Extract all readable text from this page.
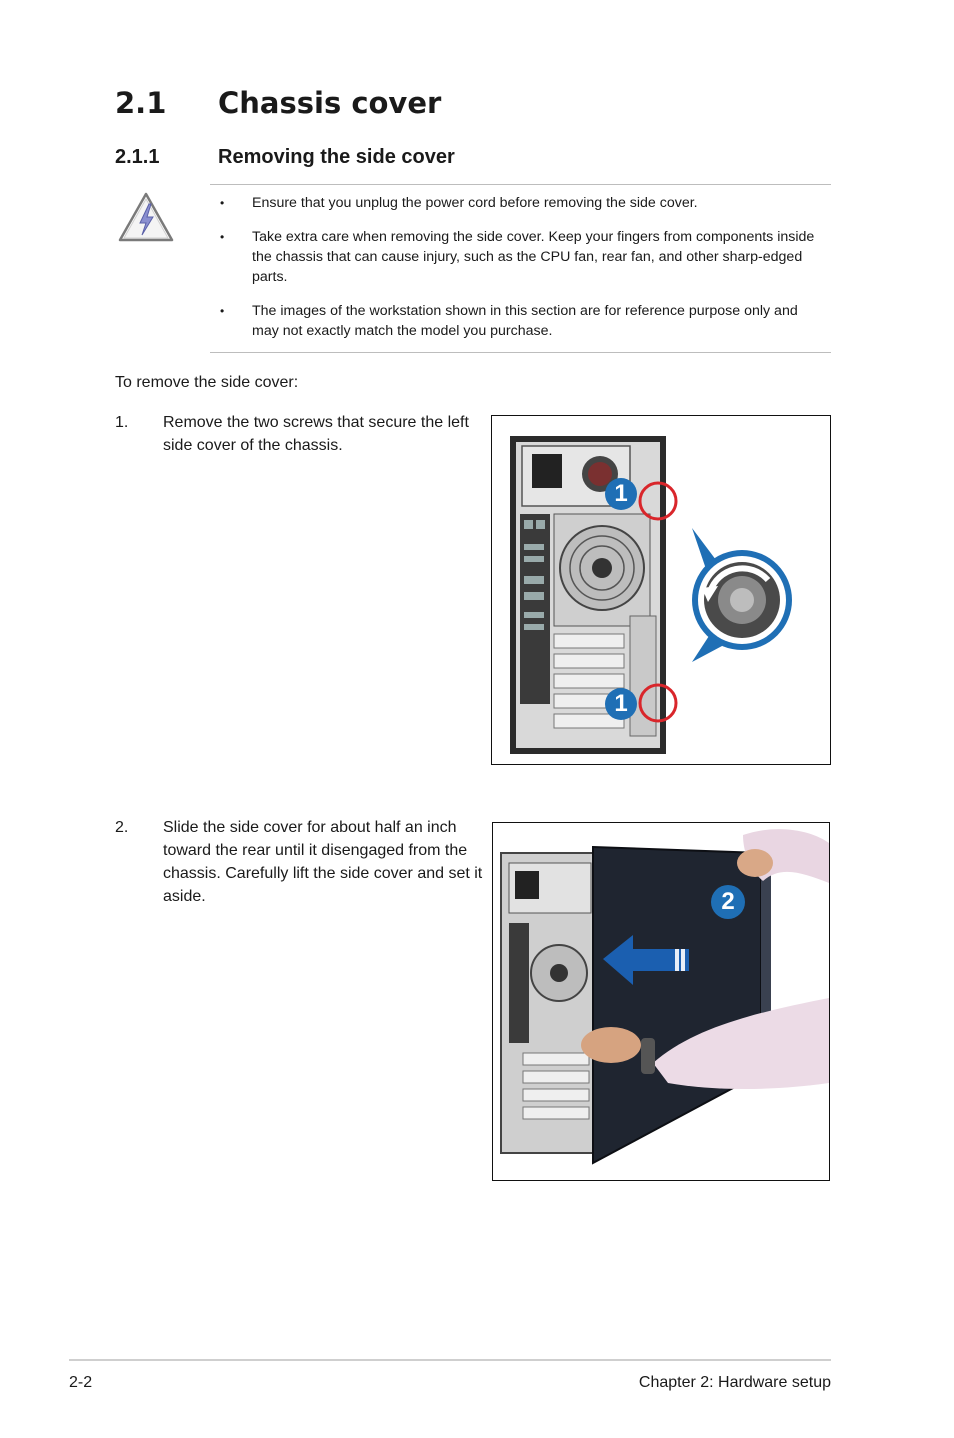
2.1 Chassis cover
2.1.1	Removing the side cover
• Ensure that you unplug the power cord before removing the side cover.
• Take extra care when removing the side cover. Keep your fingers from components inside the chassis that can cause injury, such as the CPU fan, rear fan, and other sharp-edged parts.
• The images of the workstation shown in this section are for reference purpose only and may not exactly match the model you purchase.
To remove the side cover:
1. Remove the two screws that secure the left side cover of the chassis.
2. Slide the side cover for about half an inch toward the rear until it disengaged from the chassis. Carefully lift the side cover and set it aside.
1
1
2
2-2	Chapter 2: Hardware setup
